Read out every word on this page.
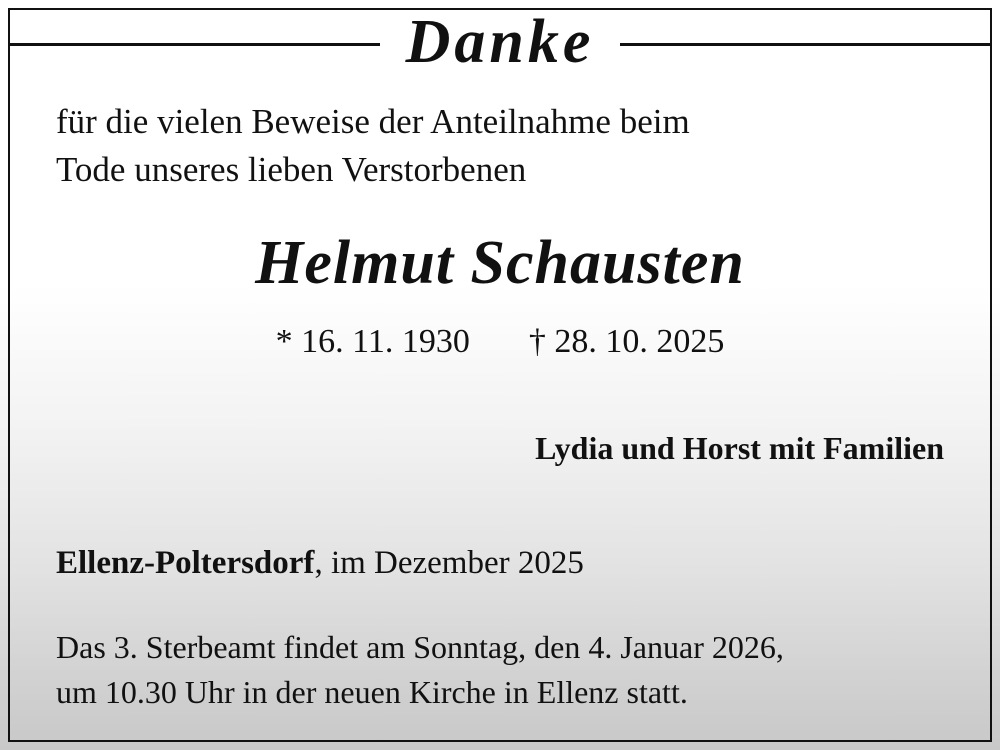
Danke
für die vielen Beweise der Anteilnahme beim
Tode unseres lieben Verstorbenen
Helmut Schausten
* 16. 11. 1930 † 28. 10. 2025
Lydia und Horst mit Familien
Ellenz-Poltersdorf, im Dezember 2025
Das 3. Sterbeamt findet am Sonntag, den 4. Januar 2026,
um 10.30 Uhr in der neuen Kirche in Ellenz statt.
